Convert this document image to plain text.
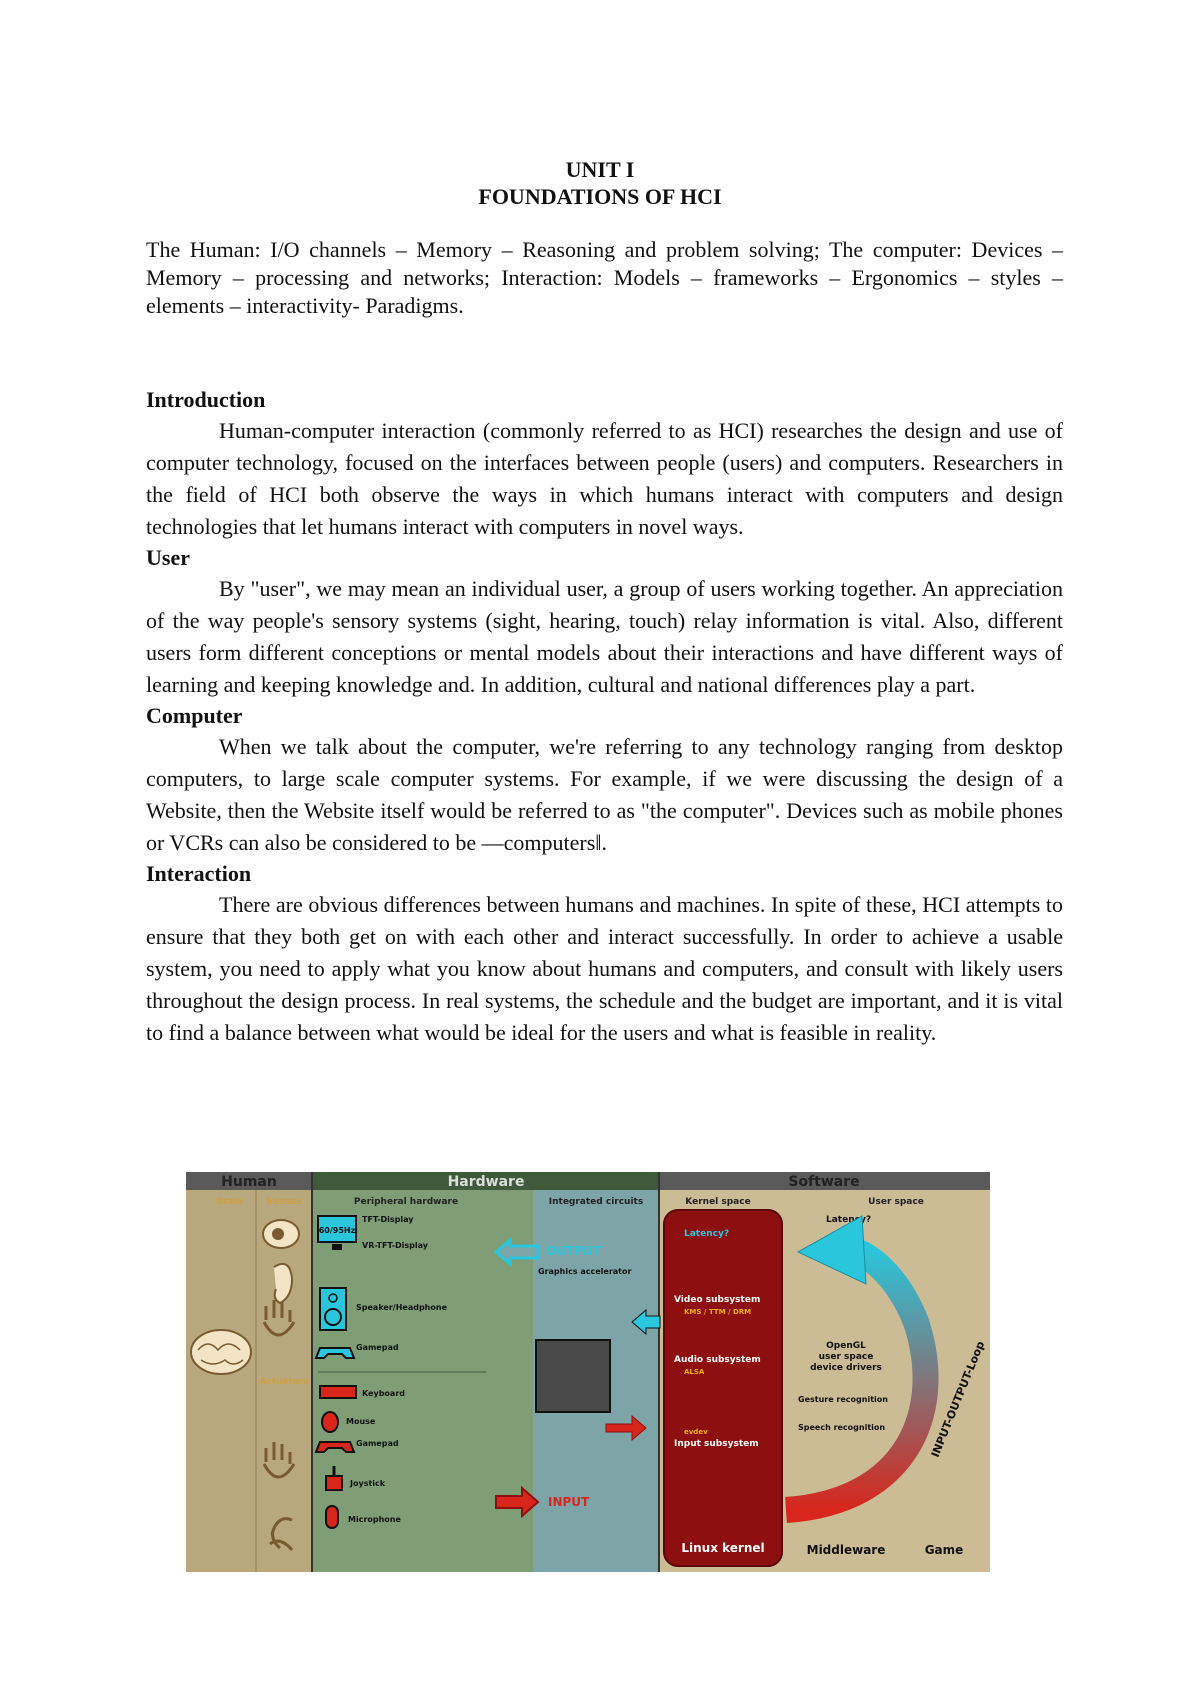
UNIT I
FOUNDATIONS OF HCI
The Human: I/O channels – Memory – Reasoning and problem solving; The computer: Devices – Memory – processing and networks; Interaction: Models – frameworks – Ergonomics – styles – elements – interactivity- Paradigms.
Introduction

Human-computer interaction (commonly referred to as HCI) researches the design and use of computer technology, focused on the interfaces between people (users) and computers. Researchers in the field of HCI both observe the ways in which humans interact with computers and design technologies that let humans interact with computers in novel ways.

User

By "user", we may mean an individual user, a group of users working together. An appreciation of the way people's sensory systems (sight, hearing, touch) relay information is vital. Also, different users form different conceptions or mental models about their interactions and have different ways of learning and keeping knowledge and. In addition, cultural and national differences play a part.

Computer

When we talk about the computer, we're referring to any technology ranging from desktop computers, to large scale computer systems. For example, if we were discussing the design of a Website, then the Website itself would be referred to as "the computer". Devices such as mobile phones or VCRs can also be considered to be ―computers‖.

Interaction

There are obvious differences between humans and machines. In spite of these, HCI attempts to ensure that they both get on with each other and interact successfully. In order to achieve a usable system, you need to apply what you know about humans and computers, and consult with likely users throughout the design process. In real systems, the schedule and the budget are important, and it is vital to find a balance between what would be ideal for the users and what is feasible in reality.

Human	Hardware	Software
Brain	Senses	Peripheral hardware	Integrated circuits	Kernel space	User space
Actuators
60/95Hz
TFT-Display
VR-TFT-Display
Speaker/Headphone
Gamepad
Keyboard
Mouse
Gamepad
Joystick
Microphone
OUTPUT
Graphics accelerator
INPUT
Latency?
Video subsystem
KMS / TTM / DRM
Audio subsystem
ALSA
evdev
Input subsystem
Linux kernel
Latency?
OpenGL
user space
device drivers
Gesture recognition
Speech recognition
Middleware	Game
INPUT-OUTPUT-Loop
